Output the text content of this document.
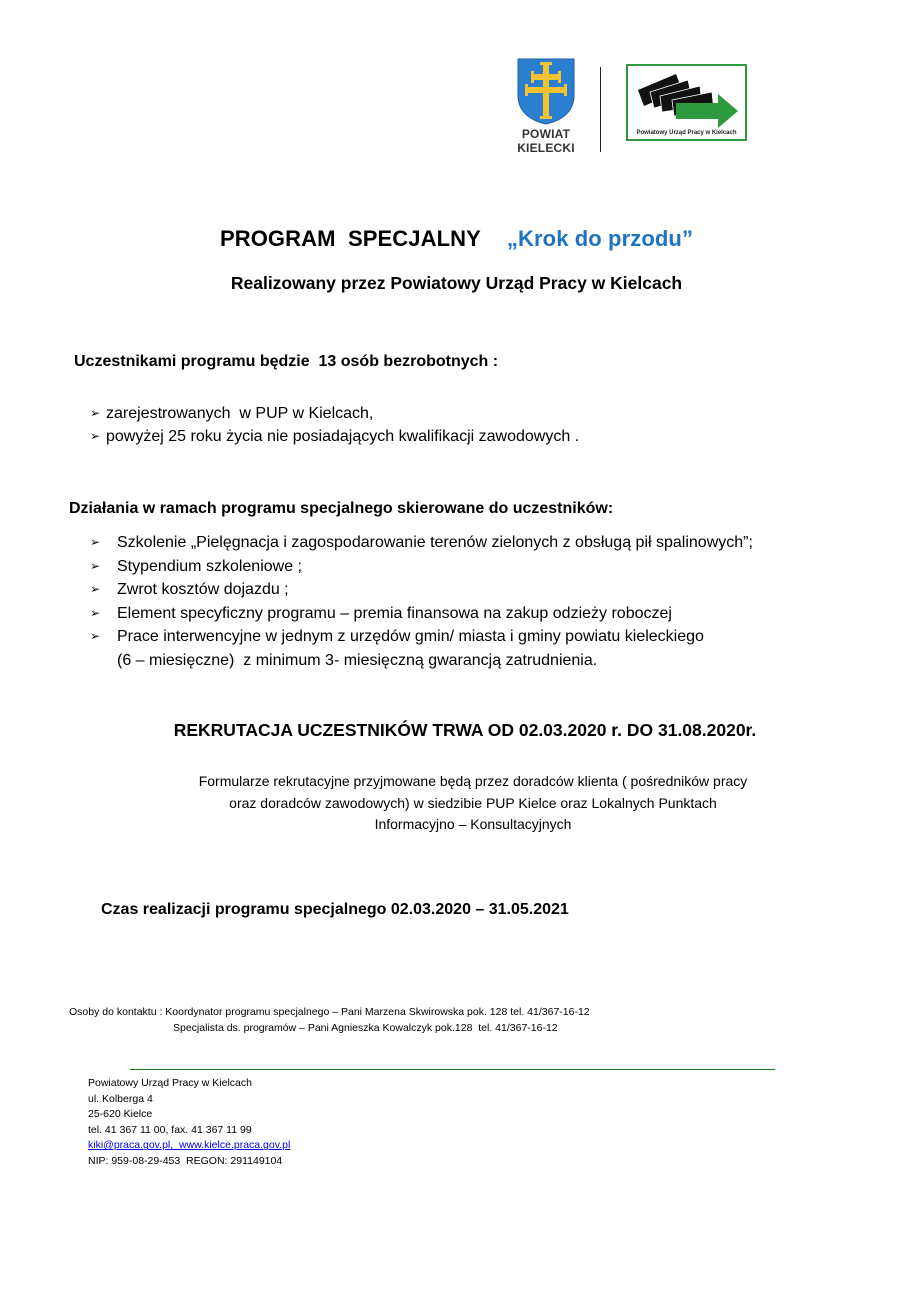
POWIAT
KIELECKI
Powiatowy Urząd Pracy w Kielcach
PROGRAM  SPECJALNY „Krok do przodu”
Realizowany przez Powiatowy Urząd Pracy w Kielcach
Uczestnikami programu będzie  13 osób bezrobotnych :
➢ zarejestrowanych  w PUP w Kielcach,
➢ powyżej 25 roku życia nie posiadających kwalifikacji zawodowych .
Działania w ramach programu specjalnego skierowane do uczestników:
➢ Szkolenie „Pielęgnacja i zagospodarowanie terenów zielonych z obsługą pił spalinowych”;
➢ Stypendium szkoleniowe ;
➢ Zwrot kosztów dojazdu ;
➢ Element specyficzny programu – premia finansowa na zakup odzieży roboczej
➢ Prace interwencyjne w jednym z urzędów gmin/ miasta i gminy powiatu kieleckiego
(6 – miesięczne)  z minimum 3- miesięczną gwarancją zatrudnienia.
REKRUTACJA UCZESTNIKÓW TRWA OD 02.03.2020 r. DO 31.08.2020r.
Formularze rekrutacyjne przyjmowane będą przez doradców klienta ( pośredników pracy
oraz doradców zawodowych) w siedzibie PUP Kielce oraz Lokalnych Punktach
Informacyjno – Konsultacyjnych
Czas realizacji programu specjalnego 02.03.2020 – 31.05.2021
Osoby do kontaktu : Koordynator programu specjalnego – Pani Marzena Skwirowska pok. 128 tel. 41/367-16-12
Specjalista ds. programów – Pani Agnieszka Kowalczyk pok.128  tel. 41/367-16-12
Powiatowy Urząd Pracy w Kielcach
ul. Kolberga 4
25-620 Kielce
tel. 41 367 11 00, fax. 41 367 11 99
kiki@praca.gov.pl,  www.kielce.praca.gov.pl
NIP: 959-08-29-453  REGON: 291149104
